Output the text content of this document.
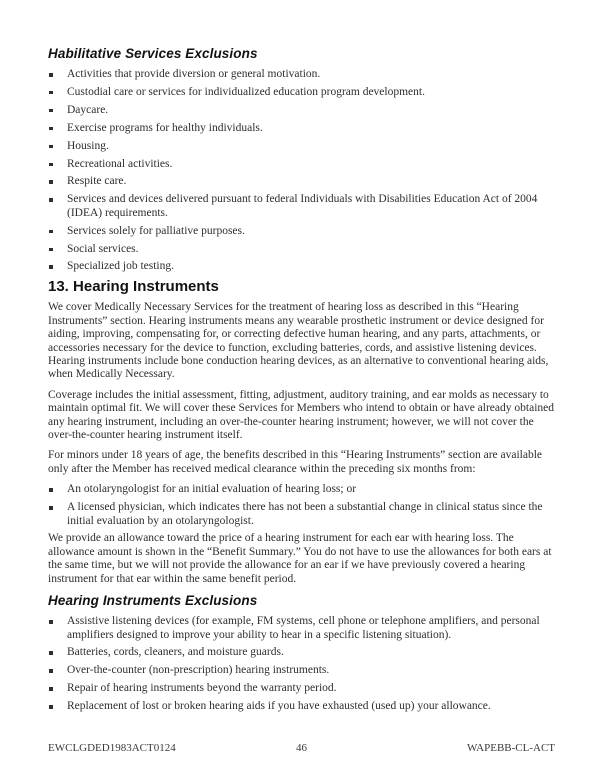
Habilitative Services Exclusions
Activities that provide diversion or general motivation.
Custodial care or services for individualized education program development.
Daycare.
Exercise programs for healthy individuals.
Housing.
Recreational activities.
Respite care.
Services and devices delivered pursuant to federal Individuals with Disabilities Education Act of 2004 (IDEA) requirements.
Services solely for palliative purposes.
Social services.
Specialized job testing.
13. Hearing Instruments

We cover Medically Necessary Services for the treatment of hearing loss as described in this “Hearing Instruments” section. Hearing instruments means any wearable prosthetic instrument or device designed for aiding, improving, compensating for, or correcting defective human hearing, and any parts, attachments, or accessories necessary for the device to function, excluding batteries, cords, and assistive listening devices. Hearing instruments include bone conduction hearing devices, as an alternative to conventional hearing aids, when Medically Necessary.

Coverage includes the initial assessment, fitting, adjustment, auditory training, and ear molds as necessary to maintain optimal fit. We will cover these Services for Members who intend to obtain or have already obtained any hearing instrument, including an over-the-counter hearing instrument; however, we will not cover the over-the-counter hearing instrument itself.

For minors under 18 years of age, the benefits described in this “Hearing Instruments” section are available only after the Member has received medical clearance within the preceding six months from:

An otolaryngologist for an initial evaluation of hearing loss; or
A licensed physician, which indicates there has not been a substantial change in clinical status since the initial evaluation by an otolaryngologist.

We provide an allowance toward the price of a hearing instrument for each ear with hearing loss. The allowance amount is shown in the “Benefit Summary.” You do not have to use the allowances for both ears at the same time, but we will not provide the allowance for an ear if we have previously covered a hearing instrument for that ear within the same benefit period.

Hearing Instruments Exclusions
Assistive listening devices (for example, FM systems, cell phone or telephone amplifiers, and personal amplifiers designed to improve your ability to hear in a specific listening situation).
Batteries, cords, cleaners, and moisture guards.
Over-the-counter (non-prescription) hearing instruments.
Repair of hearing instruments beyond the warranty period.
Replacement of lost or broken hearing aids if you have exhausted (used up) your allowance.
EWCLGDED1983ACT0124	46	WAPEBB-CL-ACT
